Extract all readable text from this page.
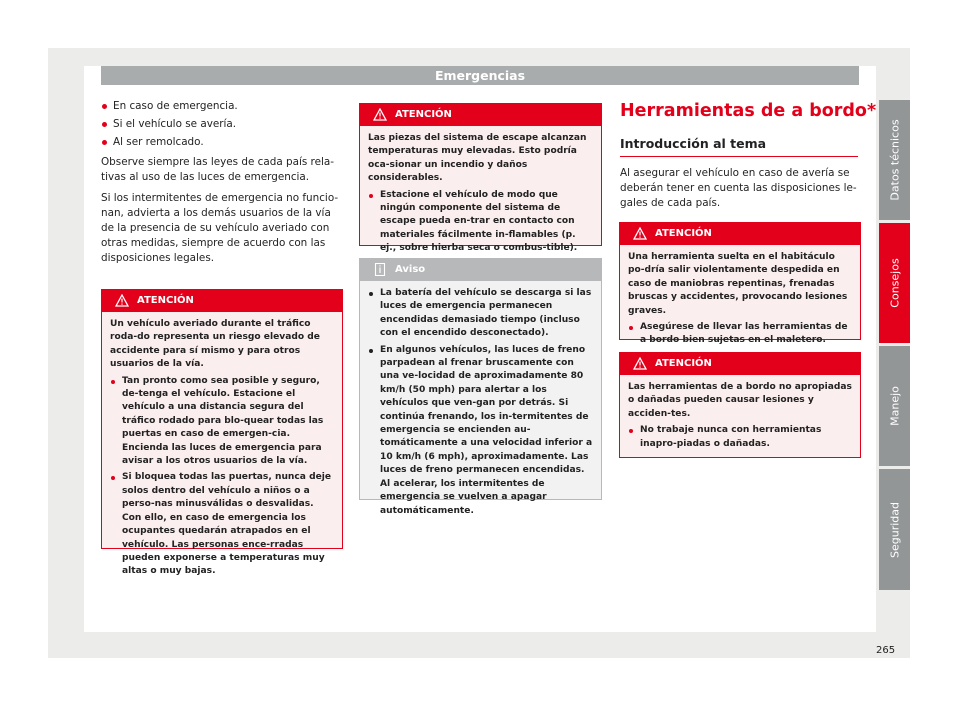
Emergencias
En caso de emergencia.
Si el vehículo se avería.
Al ser remolcado.

Observe siempre las leyes de cada país rela-tivas al uso de las luces de emergencia.

Si los intermitentes de emergencia no funcio-nan, advierta a los demás usuarios de la vía de la presencia de su vehículo averiado con otras medidas, siempre de acuerdo con las disposiciones legales.

ATENCIÓN

Un vehículo averiado durante el tráfico roda-do representa un riesgo elevado de accidente para sí mismo y para otros usuarios de la vía.

Tan pronto como sea posible y seguro, de-tenga el vehículo. Estacione el vehículo a una distancia segura del tráfico rodado para blo-quear todas las puertas en caso de emergen-cia. Encienda las luces de emergencia para avisar a los otros usuarios de la vía.
Si bloquea todas las puertas, nunca deje solos dentro del vehículo a niños o a perso-nas minusválidas o desvalidas. Con ello, en caso de emergencia los ocupantes quedarán atrapados en el vehículo. Las personas ence-rradas pueden exponerse a temperaturas muy altas o muy bajas.
ATENCIÓN

Las piezas del sistema de escape alcanzan temperaturas muy elevadas. Esto podría oca-sionar un incendio y daños considerables.

Estacione el vehículo de modo que ningún componente del sistema de escape pueda en-trar en contacto con materiales fácilmente in-flamables (p. ej., sobre hierba seca o combus-tible).
Aviso
La batería del vehículo se descarga si las luces de emergencia permanecen encendidas demasiado tiempo (incluso con el encendido desconectado).
En algunos vehículos, las luces de freno parpadean al frenar bruscamente con una ve-locidad de aproximadamente 80 km/h (50 mph) para alertar a los vehículos que ven-gan por detrás. Si continúa frenando, los in-termitentes de emergencia se encienden au-tomáticamente a una velocidad inferior a 10 km/h (6 mph), aproximadamente. Las luces de freno permanecen encendidas. Al acelerar, los intermitentes de emergencia se vuelven a apagar automáticamente.
Herramientas de a bordo*
Introducción al tema

Al asegurar el vehículo en caso de avería se deberán tener en cuenta las disposiciones le-gales de cada país.

ATENCIÓN

Una herramienta suelta en el habitáculo po-dría salir violentamente despedida en caso de maniobras repentinas, frenadas bruscas y accidentes, provocando lesiones graves.

Asegúrese de llevar las herramientas de a bordo bien sujetas en el maletero.
ATENCIÓN

Las herramientas de a bordo no apropiadas o dañadas pueden causar lesiones y acciden-tes.

No trabaje nunca con herramientas inapro-piadas o dañadas.
Datos técnicos
Consejos
Manejo
Seguridad
265
